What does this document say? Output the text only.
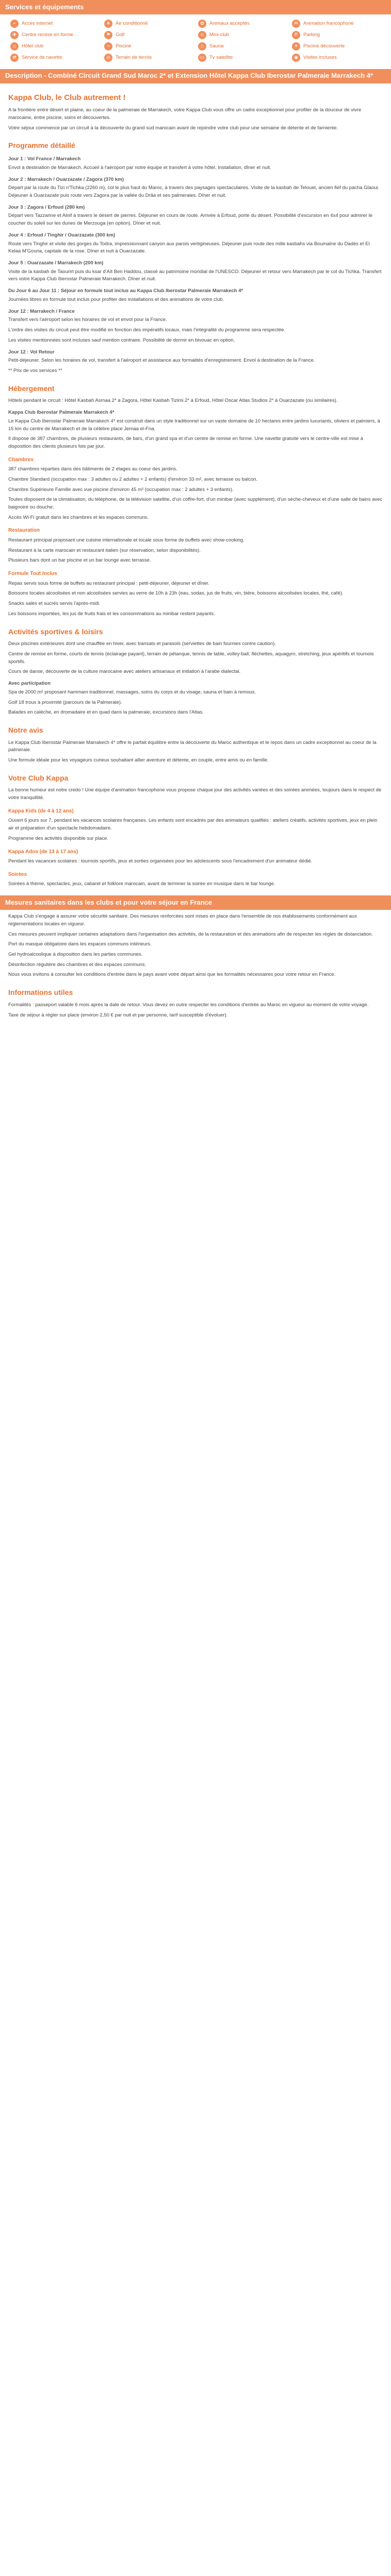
Services et équipements
⌁	Accès internet	❄	Air conditionné	✿	Animaux acceptés	✉	Animation francophone
✚	Centre remise en forme	⚑	Golf	☺ Mini-club	P	Parking
⌂	Hôtel club	≈	Piscine	♨	Sauna	☀	Piscine découverte
⇄	Service de navette	◎	Terrain de tennis	▭	Tv satellite	◉	Visites incluses
Description - Combiné Circuit Grand Sud Maroc 2* et Extension Hôtel Kappa Club Iberostar Palmeraie Marrakech 4*
Kappa Club, le Club autrement !

A la frontière entre désert et plaine, au coeur de la palmeraie de Marrakech, votre Kappa Club vous offre un cadre exceptionnel pour profiter de la douceur de vivre marocaine, entre piscine, soins et découvertes.

Votre séjour commence par un circuit à la découverte du grand sud marocain avant de rejoindre votre club pour une semaine de détente et de farniente.

Programme détaillé
Jour 1 : Vol France / Marrakech

Envol à destination de Marrakech. Accueil à l'aéroport par notre équipe et transfert à votre hôtel. Installation, dîner et nuit.

Jour 2 : Marrakech / Ouarzazate / Zagora (370 km)

Départ par la route du Tizi n'Tichka (2260 m), col le plus haut du Maroc, à travers des paysages spectaculaires. Visite de la kasbah de Telouet, ancien fief du pacha Glaoui. Déjeuner à Ouarzazate puis route vers Zagora par la vallée du Drâa et ses palmeraies. Dîner et nuit.

Jour 3 : Zagora / Erfoud (280 km)

Départ vers Tazzarine et Alnif à travers le désert de pierres. Déjeuner en cours de route. Arrivée à Erfoud, porte du désert. Possibilité d'excursion en 4x4 pour admirer le coucher du soleil sur les dunes de Merzouga (en option). Dîner et nuit.

Jour 4 : Erfoud / Tinghir / Ouarzazate (300 km)

Route vers Tinghir et visite des gorges du Todra, impressionnant canyon aux parois vertigineuses. Déjeuner puis route des mille kasbahs via Boumalne du Dadès et El Kelaa M'Gouna, capitale de la rose. Dîner et nuit à Ouarzazate.

Jour 5 : Ouarzazate / Marrakech (200 km)

Visite de la kasbah de Taourirt puis du ksar d'Aït Ben Haddou, classé au patrimoine mondial de l'UNESCO. Déjeuner et retour vers Marrakech par le col du Tichka. Transfert vers votre Kappa Club Iberostar Palmeraie Marrakech. Dîner et nuit.

Du Jour 6 au Jour 11 : Séjour en formule tout inclus au Kappa Club Iberostar Palmeraie Marrakech 4*

Journées libres en formule tout inclus pour profiter des installations et des animations de votre club.

Jour 12 : Marrakech / France

Transfert vers l'aéroport selon les horaires de vol et envol pour la France.

L'ordre des visites du circuit peut être modifié en fonction des impératifs locaux, mais l'intégralité du programme sera respectée.

Les visites mentionnées sont incluses sauf mention contraire. Possibilité de dormir en bivouac en option.

Jour 12 : Vol Retour

Petit-déjeuner. Selon les horaires de vol, transfert à l'aéroport et assistance aux formalités d'enregistrement. Envol à destination de la France.

** Prix de vos services **

Hébergement

Hôtels pendant le circuit : Hôtel Kasbah Asmaa 2* à Zagora, Hôtel Kasbah Tizimi 2* à Erfoud, Hôtel Oscar Atlas Studios 2* à Ouarzazate (ou similaires).

Kappa Club Iberostar Palmeraie Marrakech 4*

Le Kappa Club Iberostar Palmeraie Marrakech 4* est construit dans un style traditionnel sur un vaste domaine de 10 hectares entre jardins luxuriants, oliviers et palmiers, à 15 km du centre de Marrakech et de la célèbre place Jemaa el-Fna.

Il dispose de 387 chambres, de plusieurs restaurants, de bars, d'un grand spa et d'un centre de remise en forme. Une navette gratuite vers le centre-ville est mise à disposition des clients plusieurs fois par jour.

Chambres

387 chambres réparties dans des bâtiments de 2 étages au coeur des jardins.

Chambre Standard (occupation max : 3 adultes ou 2 adultes + 2 enfants) d'environ 33 m², avec terrasse ou balcon.

Chambre Supérieure Famille avec vue piscine d'environ 45 m² (occupation max : 2 adultes + 3 enfants).

Toutes disposent de la climatisation, du téléphone, de la télévision satellite, d'un coffre-fort, d'un minibar (avec supplément), d'un sèche-cheveux et d'une salle de bains avec baignoire ou douche.

Accès Wi-Fi gratuit dans les chambres et les espaces communs.

Restauration

Restaurant principal proposant une cuisine internationale et locale sous forme de buffets avec show-cooking.

Restaurant à la carte marocain et restaurant italien (sur réservation, selon disponibilités).

Plusieurs bars dont un bar piscine et un bar lounge avec terrasse.

Formule Tout Inclus

Repas servis sous forme de buffets au restaurant principal : petit-déjeuner, déjeuner et dîner.

Boissons locales alcoolisées et non alcoolisées servies au verre de 10h à 23h (eau, sodas, jus de fruits, vin, bière, boissons alcoolisées locales, thé, café).

Snacks salés et sucrés servis l'après-midi.

Les boissons importées, les jus de fruits frais et les consommations au minibar restent payants.

Activités sportives & loisirs

Deux piscines extérieures dont une chauffée en hiver, avec transats et parasols (serviettes de bain fournies contre caution).

Centre de remise en forme, courts de tennis (éclairage payant), terrain de pétanque, tennis de table, volley-ball, fléchettes, aquagym, stretching, jeux apéritifs et tournois sportifs.

Cours de danse, découverte de la culture marocaine avec ateliers artisanaux et initiation à l'arabe dialectal.

Avec participation

Spa de 2000 m² proposant hammam traditionnel, massages, soins du corps et du visage, sauna et bain à remous.

Golf 18 trous à proximité (parcours de la Palmeraie).

Balades en calèche, en dromadaire et en quad dans la palmeraie, excursions dans l'Atlas.

Notre avis

Le Kappa Club Iberostar Palmeraie Marrakech 4* offre le parfait équilibre entre la découverte du Maroc authentique et le repos dans un cadre exceptionnel au coeur de la palmeraie.

Une formule idéale pour les voyageurs curieux souhaitant allier aventure et détente, en couple, entre amis ou en famille.

Votre Club Kappa

La bonne humeur est notre credo ! Une équipe d'animation francophone vous propose chaque jour des activités variées et des soirées animées, toujours dans le respect de votre tranquillité.

Kappa Kids (de 4 à 12 ans)

Ouvert 6 jours sur 7, pendant les vacances scolaires françaises. Les enfants sont encadrés par des animateurs qualifiés : ateliers créatifs, activités sportives, jeux en plein air et préparation d'un spectacle hebdomadaire.

Programme des activités disponible sur place.

Kappa Ados (de 13 à 17 ans)

Pendant les vacances scolaires : tournois sportifs, jeux et sorties organisées pour les adolescents sous l'encadrement d'un animateur dédié.

Soirées

Soirées à thème, spectacles, jeux, cabaret et folklore marocain, avant de terminer la soirée en musique dans le bar lounge.

Mesures sanitaires dans les clubs et pour votre séjour en France

Kappa Club s'engage à assurer votre sécurité sanitaire. Des mesures renforcées sont mises en place dans l'ensemble de nos établissements conformément aux réglementations locales en vigueur.

Ces mesures peuvent impliquer certaines adaptations dans l'organisation des activités, de la restauration et des animations afin de respecter les règles de distanciation.

Port du masque obligatoire dans les espaces communs intérieurs.

Gel hydroalcoolique à disposition dans les parties communes.

Désinfection régulière des chambres et des espaces communs.

Nous vous invitons à consulter les conditions d'entrée dans le pays avant votre départ ainsi que les formalités nécessaires pour votre retour en France.

Informations utiles

Formalités : passeport valable 6 mois après la date de retour. Vous devez en outre respecter les conditions d'entrée au Maroc en vigueur au moment de votre voyage.

Taxe de séjour à régler sur place (environ 2,50 € par nuit et par personne, tarif susceptible d'évoluer).
